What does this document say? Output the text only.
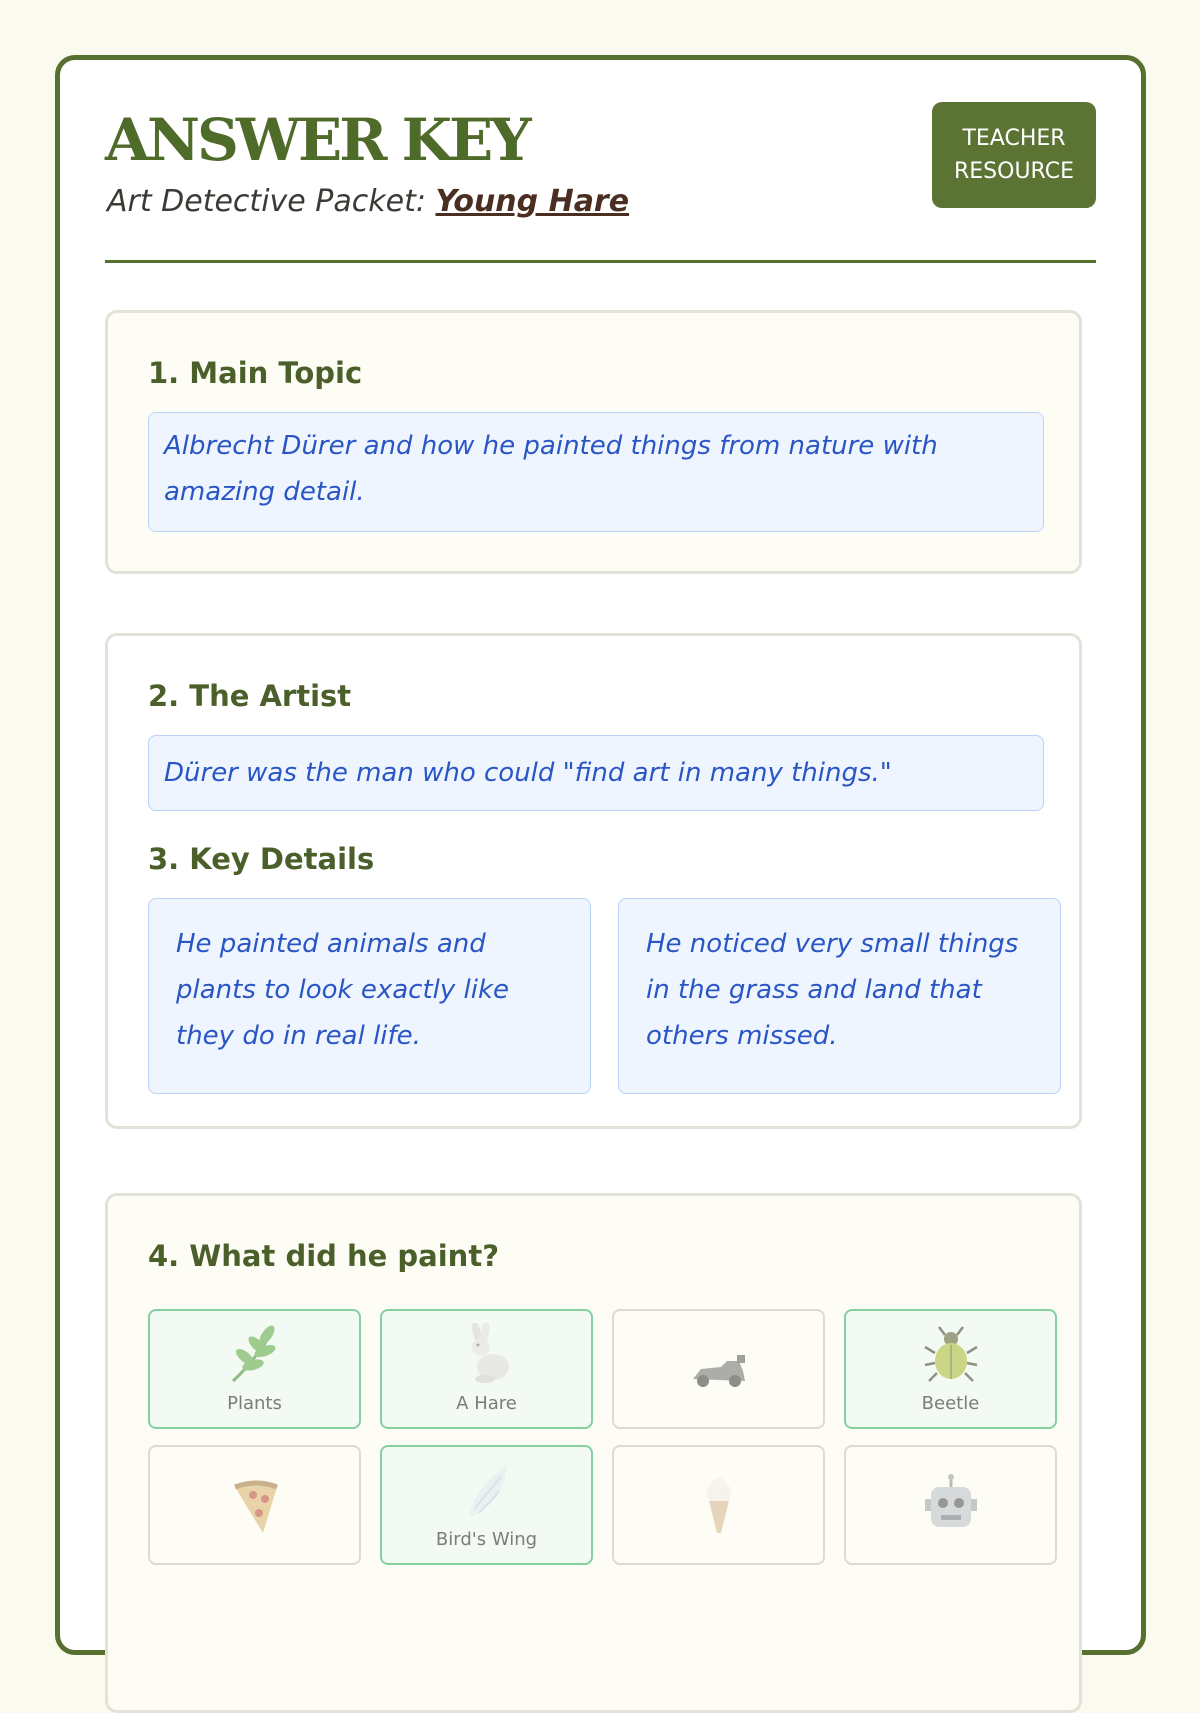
ANSWER KEY

Art Detective Packet: Young Hare

TEACHER
RESOURCE
1. Main Topic
Albrecht Dürer and how he painted things from nature with amazing detail.
2. The Artist
Dürer was the man who could "find art in many things."
3. Key Details
He painted animals and plants to look exactly like they do in real life.
He noticed very small things in the grass and land that others missed.
4. What did he paint?
Plants	A Hare	Beetle
Bird's Wing
